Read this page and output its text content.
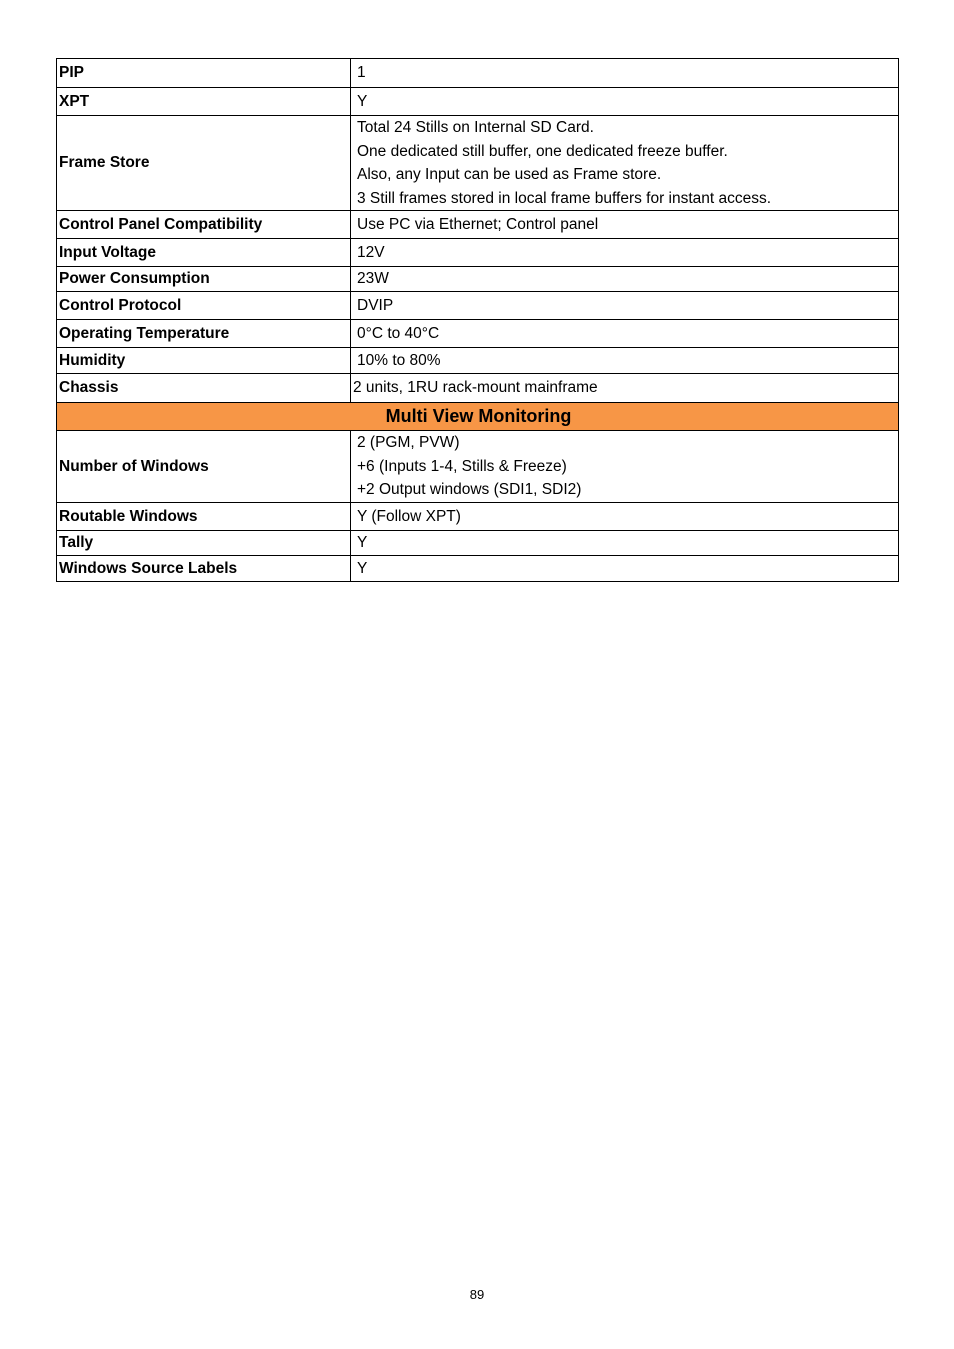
PIP	1
XPT	Y
Frame Store	Total 24 Stills on Internal SD Card.
One dedicated still buffer, one dedicated freeze buffer.
Also, any Input can be used as Frame store.
3 Still frames stored in local frame buffers for instant access.

Control Panel Compatibility	Use PC via Ethernet; Control panel
Input Voltage	12V
Power Consumption	23W
Control Protocol	DVIP
Operating Temperature	0°C to 40°C
Humidity	10% to 80%
Chassis	2 units, 1RU rack-mount mainframe
Multi View Monitoring	
Number of Windows	2 (PGM, PVW)
+6 (Inputs 1-4, Stills & Freeze)
+2 Output windows (SDI1, SDI2)

Routable Windows	Y (Follow XPT)
Tally	Y
Windows Source Labels	Y
89
